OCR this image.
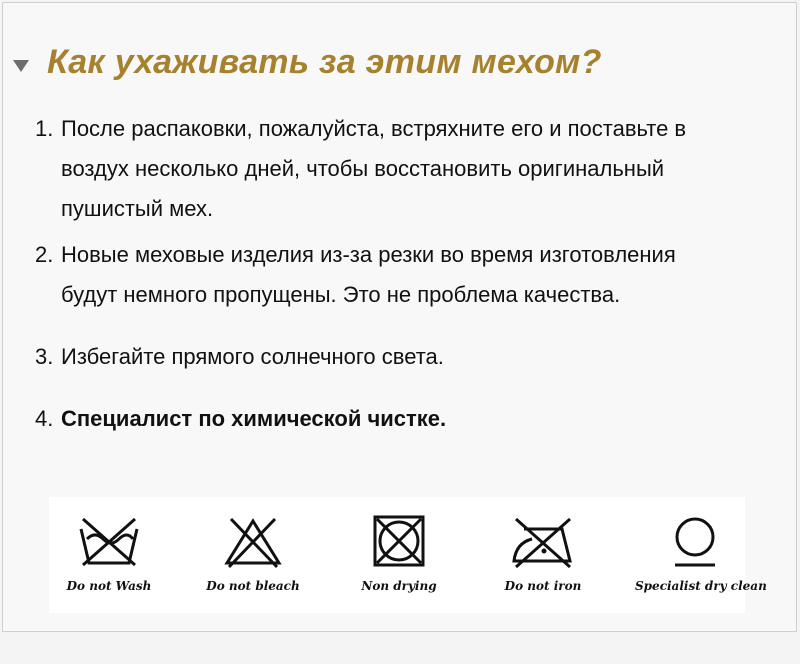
Как ухаживать за этим мехом?
1. После распаковки, пожалуйста, встряхните его и поставьте в
воздух несколько дней, чтобы восстановить оригинальный
пушистый мех.
2. Новые меховые изделия из-за резки во время изготовления
будут немного пропущены. Это не проблема качества.
3. Избегайте прямого солнечного света.
4. Специалист по химической чистке.
Do not Wash	Do not bleach	Non drying	Do not iron	Specialist dry clean
